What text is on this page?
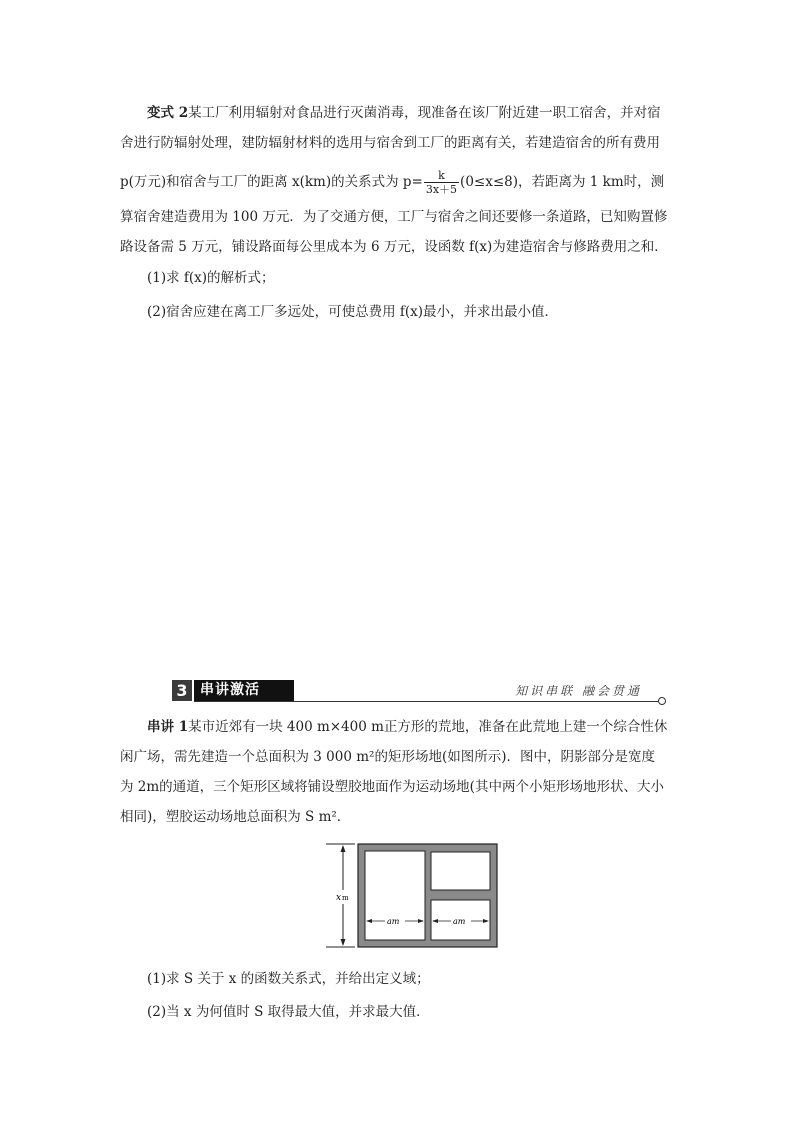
变式 2某工厂利用辐射对食品进行灭菌消毒，现准备在该厂附近建一职工宿舍，并对宿
舍进行防辐射处理，建防辐射材料的选用与宿舍到工厂的距离有关，若建造宿舍的所有费用
p(万元)和宿舍与工厂的距离 x(km)的关系式为 $p= \frac{k}{3x+5} (0\le x\le 8)$，若距离为 1 km时，测
算宿舍建造费用为 100 万元．为了交通方便，工厂与宿舍之间还要修一条道路，已知购置修
路设备需 5 万元，铺设路面每公里成本为 6 万元，设函数 f(x)为建造宿舍与修路费用之和．
(1)求 f(x)的解析式；
(2)宿舍应建在离工厂多远处，可使总费用 f(x)最小，并求出最小值．
3 串讲激活	知识串联 融会贯通
串讲 1某市近郊有一块 400 m×400 m正方形的荒地，准备在此荒地上建一个综合性休
闲广场，需先建造一个总面积为 3 000 m²的矩形场地(如图所示)．图中，阴影部分是宽度
为 2m的通道，三个矩形区域将铺设塑胶地面作为运动场地(其中两个小矩形场地形状、大小
相同)，塑胶运动场地总面积为 S m²．
x m
am	am
(1)求 S 关于 x 的函数关系式，并给出定义域；
(2)当 x 为何值时 S 取得最大值，并求最大值．
